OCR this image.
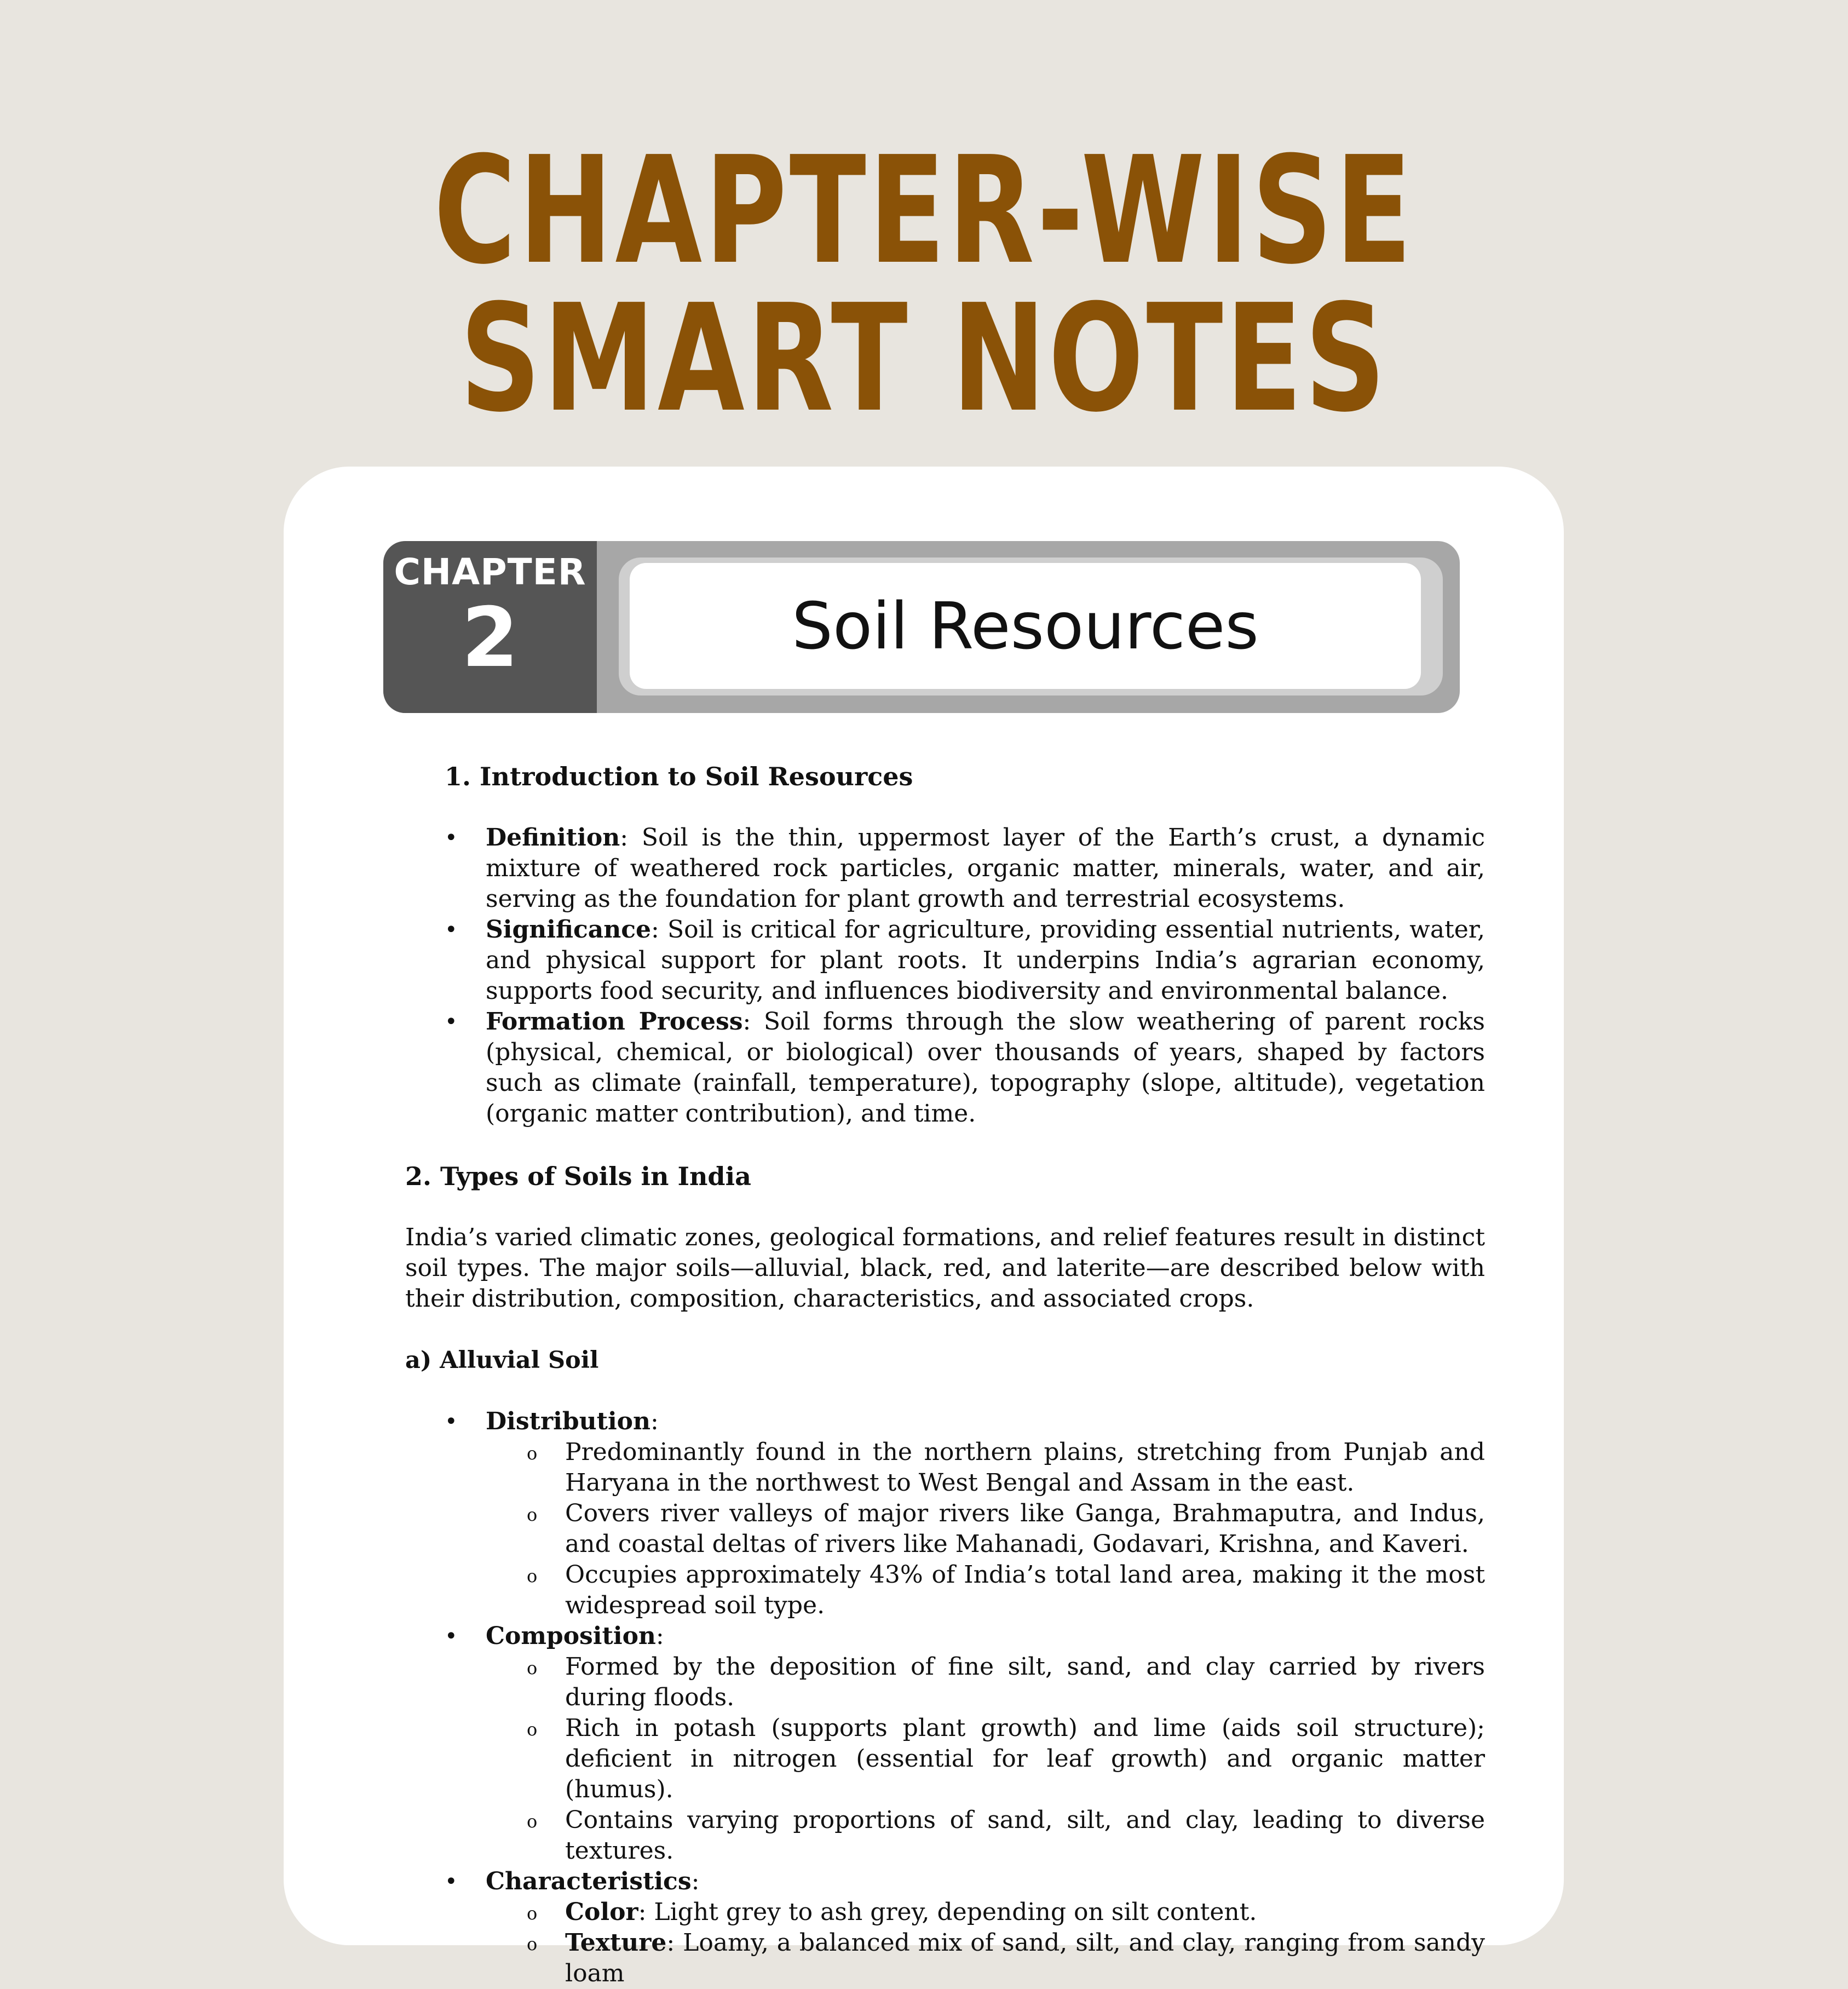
CHAPTER-WISE
SMART NOTES
CHAPTER
2	Soil Resources

1. Introduction to Soil Resources

• Definition: Soil is the thin, uppermost layer of the Earth’s crust, a dynamic mixture of weathered rock particles, organic matter, minerals, water, and air, serving as the foundation for plant growth and terrestrial ecosystems.
• Significance: Soil is critical for agriculture, providing essential nutrients, water, and physical support for plant roots. It underpins India’s agrarian economy, supports food security, and influences biodiversity and environmental balance.
• Formation Process: Soil forms through the slow weathering of parent rocks (physical, chemical, or biological) over thousands of years, shaped by factors such as climate (rainfall, temperature), topography (slope, altitude), vegetation (organic matter contribution), and time.

2. Types of Soils in India

India’s varied climatic zones, geological formations, and relief features result in distinct soil types. The major soils—alluvial, black, red, and laterite—are described below with their distribution, composition, characteristics, and associated crops.

a) Alluvial Soil

• Distribution:
o Predominantly found in the northern plains, stretching from Punjab and Haryana in the northwest to West Bengal and Assam in the east.
o Covers river valleys of major rivers like Ganga, Brahmaputra, and Indus, and coastal deltas of rivers like Mahanadi, Godavari, Krishna, and Kaveri.
o Occupies approximately 43% of India’s total land area, making it the most widespread soil type.
• Composition:
o Formed by the deposition of fine silt, sand, and clay carried by rivers during floods.
o Rich in potash (supports plant growth) and lime (aids soil structure); deficient in nitrogen (essential for leaf growth) and organic matter (humus).
o Contains varying proportions of sand, silt, and clay, leading to diverse textures.
• Characteristics:
o Color: Light grey to ash grey, depending on silt content.
o Texture: Loamy, a balanced mix of sand, silt, and clay, ranging from sandy loam
